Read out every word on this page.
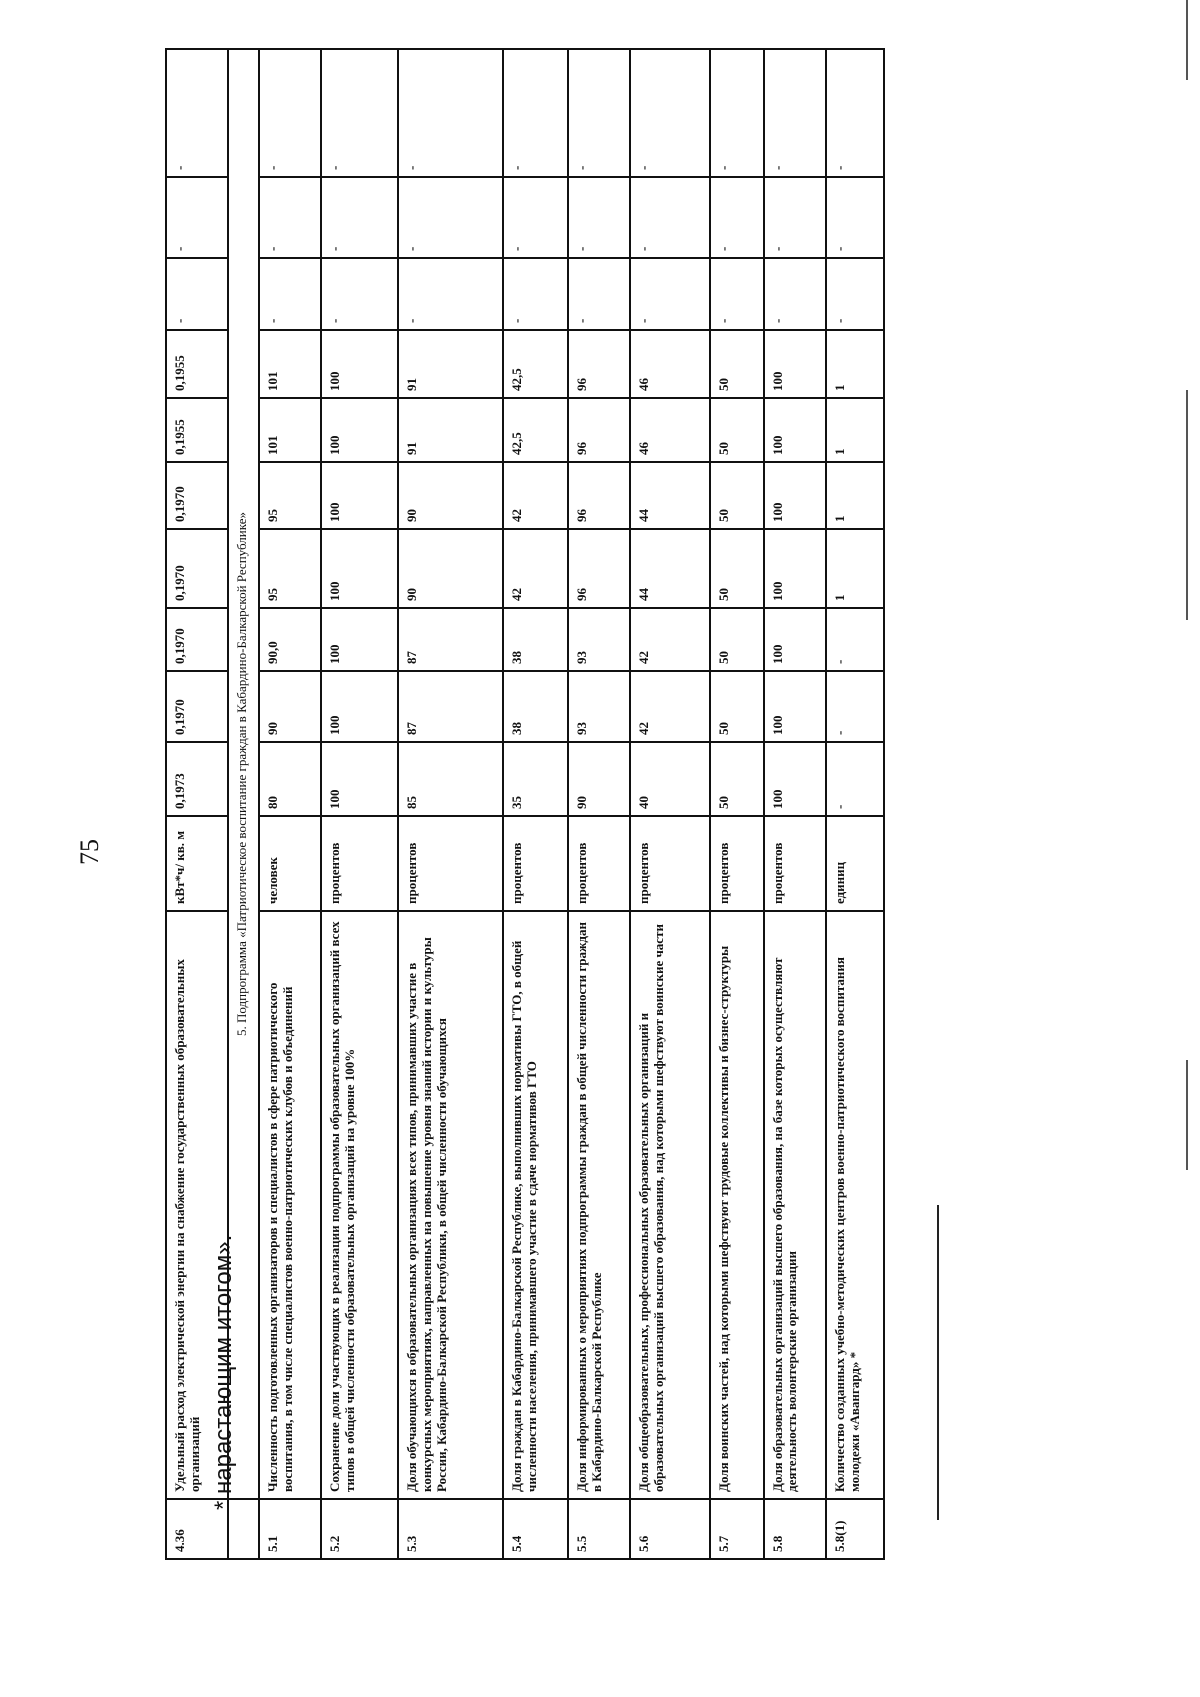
75
4.36	Удельный расход электрической энергии на снабжение государственных образовательных организаций	кВт*ч/ кв. м	0,1973	0,1970	0,1970	0,1970	0,1970	0,1955	0,1955	-	-	-
	5. Подпрограмма «Патриотическое воспитание граждан в Кабардино-Балкарской Республике»											
5.1	Численность подготовленных организаторов и специалистов в сфере патриотического воспитания, в том числе специалистов военно-патриотических клубов и объединений	человек	80	90	90,0	95	95	101	101	-	-	-
5.2	Сохранение доли участвующих в реализации подпрограммы образовательных организаций всех типов в общей численности образовательных организаций на уровне 100%	процентов	100	100	100	100	100	100	100	-	-	-
5.3	Доля обучающихся в образовательных организациях всех типов, принимавших участие в конкурсных мероприятиях, направленных на повышение уровня знаний истории и культуры России, Кабардино-Балкарской Республики, в общей численности обучающихся	процентов	85	87	87	90	90	91	91	-	-	-
5.4	Доля граждан в Кабардино-Балкарской Республике, выполнивших нормативы ГТО, в общей численности населения, принимавшего участие в сдаче нормативов ГТО	процентов	35	38	38	42	42	42,5	42,5	-	-	-
5.5	Доля информированных о мероприятиях подпрограммы граждан в общей численности граждан в Кабардино-Балкарской Республике	процентов	90	93	93	96	96	96	96	-	-	-
5.6	Доля общеобразовательных, профессиональных образовательных организаций и образовательных организаций высшего образования, над которыми шефствуют воинские части	процентов	40	42	42	44	44	46	46	-	-	-
5.7	Доля воинских частей, над которыми шефствуют трудовые коллективы и бизнес-структуры	процентов	50	50	50	50	50	50	50	-	-	-
5.8	Доля образовательных организаций высшего образования, на базе которых осуществляют деятельность волонтерские организации	процентов	100	100	100	100	100	100	100	-	-	-
5.8(1)	Количество созданных учебно-методических центров военно-патриотического воспитания молодежи «Авангард» *	единиц	-	-	-	1	1	1	1	-	-	-
* нарастающим итогом».
